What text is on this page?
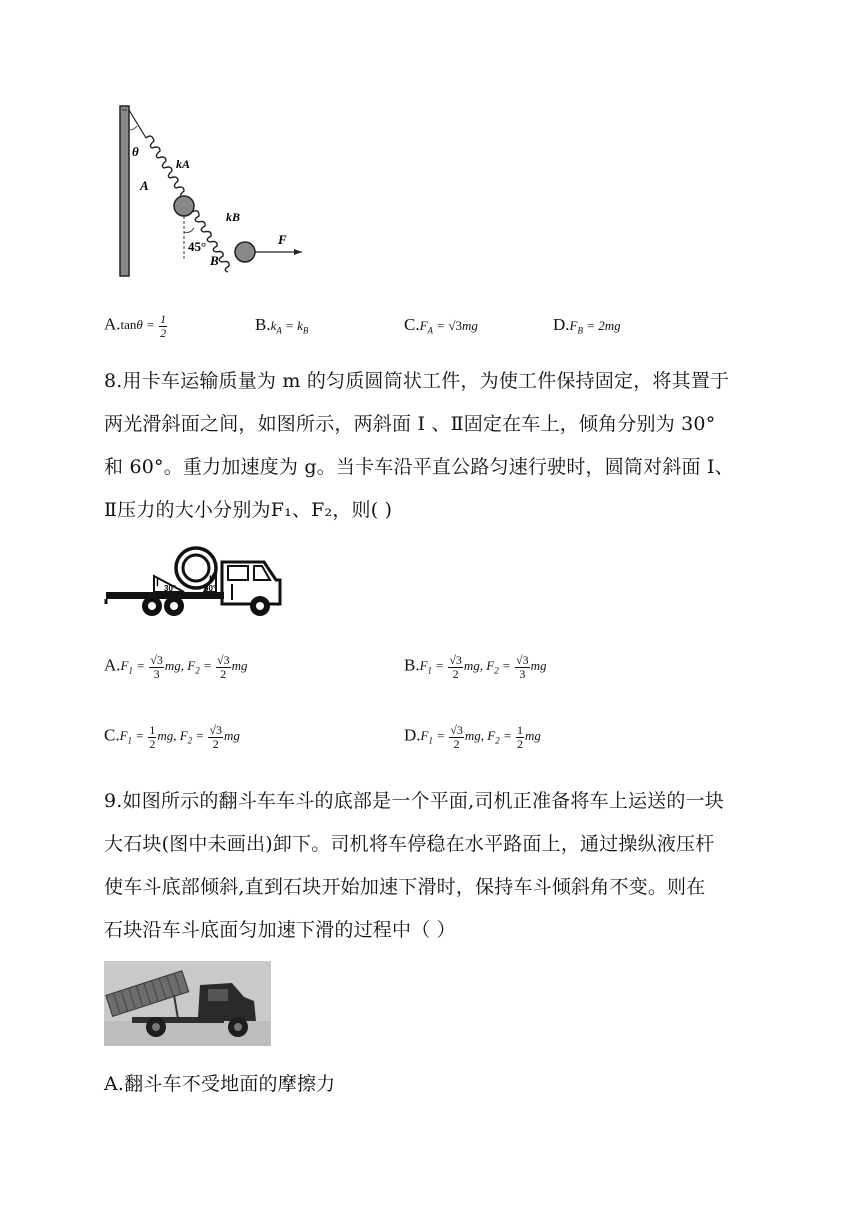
θ
kA
A
kB
45°
B
F
$A.\tan\theta = \frac{1}{2}$	$B.k_A = k_B$	$C.F_A = √3mg$	$D.F_B = 2mg$

8.用卡车运输质量为 m 的匀质圆筒状工件，为使工件保持固定，将其置于

两光滑斜面之间，如图所示，两斜面 Ⅰ 、Ⅱ固定在车上，倾角分别为 30°

和 60°。重力加速度为 g。当卡车沿平直公路匀速行驶时，圆筒对斜面 I、

Ⅱ压力的大小分别为F₁、F₂，则( )

Ⅰ	Ⅱ
30°	60°
$A.F_1 = \frac{√3}{3}$ mg, $F_2 = \frac{√3}{2}$ mg	$B.F_1 = \frac{√3}{2}$ mg, $F_2 = \frac{√3}{3}$ mg
$C.F_1 = \frac{1}{2}$ mg, $F_2 = \frac{√3}{2}$ mg	$D.F_1 = \frac{√3}{2}$ mg, $F_2 = \frac{1}{2}$ mg

9.如图所示的翻斗车车斗的底部是一个平面,司机正准备将车上运送的一块

大石块(图中未画出)卸下。司机将车停稳在水平路面上，通过操纵液压杆

使车斗底部倾斜,直到石块开始加速下滑时，保持车斗倾斜角不变。则在

石块沿车斗底面匀加速下滑的过程中（ ）

A.翻斗车不受地面的摩擦力
